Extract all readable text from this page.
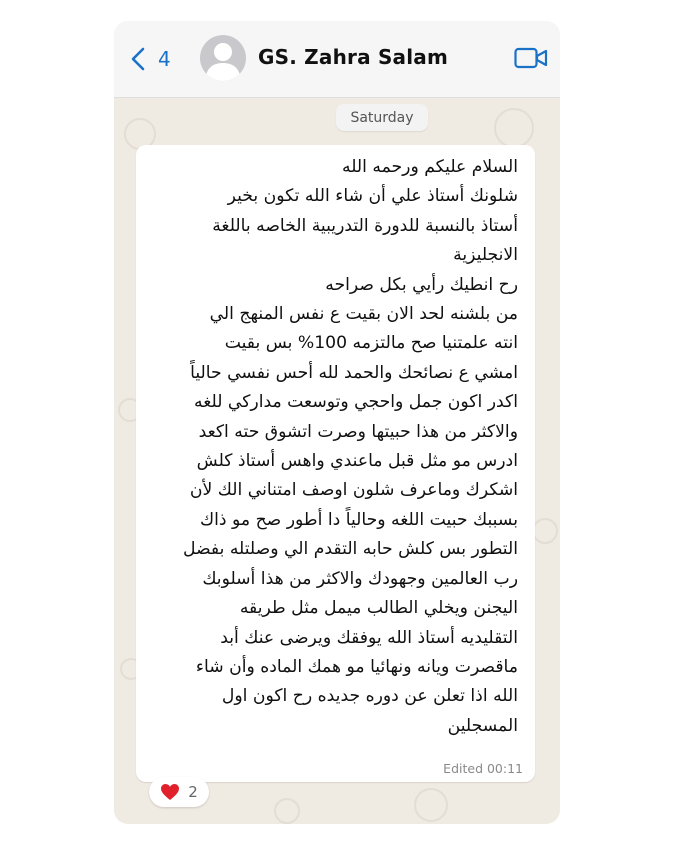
4	GS. Zahra Salam
Saturday
السلام عليكم ورحمه الله
شلونك أستاذ علي أن شاء الله تكون بخير
أستاذ بالنسبة للدورة التدريبية الخاصه باللغة
الانجليزية
رح انطيك رأيي بكل صراحه
من بلشنه لحد الان بقيت ع نفس المنهج الي
انته علمتنيا صح مالتزمه 100% بس بقيت
امشي ع نصائحك والحمد لله أحس نفسي حالياً
اكدر اكون جمل واحجي وتوسعت مداركي للغه
والاكثر من هذا حبيتها وصرت اتشوق حته اكعد
ادرس مو مثل قبل ماعندي واهس أستاذ كلش
اشكرك وماعرف شلون اوصف امتناني الك لأن
بسببك حبيت اللغه وحالياً دا أطور صح مو ذاك
التطور بس كلش حابه التقدم الي وصلتله بفضل
رب العالمين وجهودك والاكثر من هذا أسلوبك
اليجنن ويخلي الطالب ميمل مثل طريقه
التقليديه أستاذ الله يوفقك ويرضى عنك أبد
ماقصرت ويانه ونهائيا مو همك الماده وأن شاء
الله اذا تعلن عن دوره جديده رح اكون اول
المسجلين
Edited 00:11
2
